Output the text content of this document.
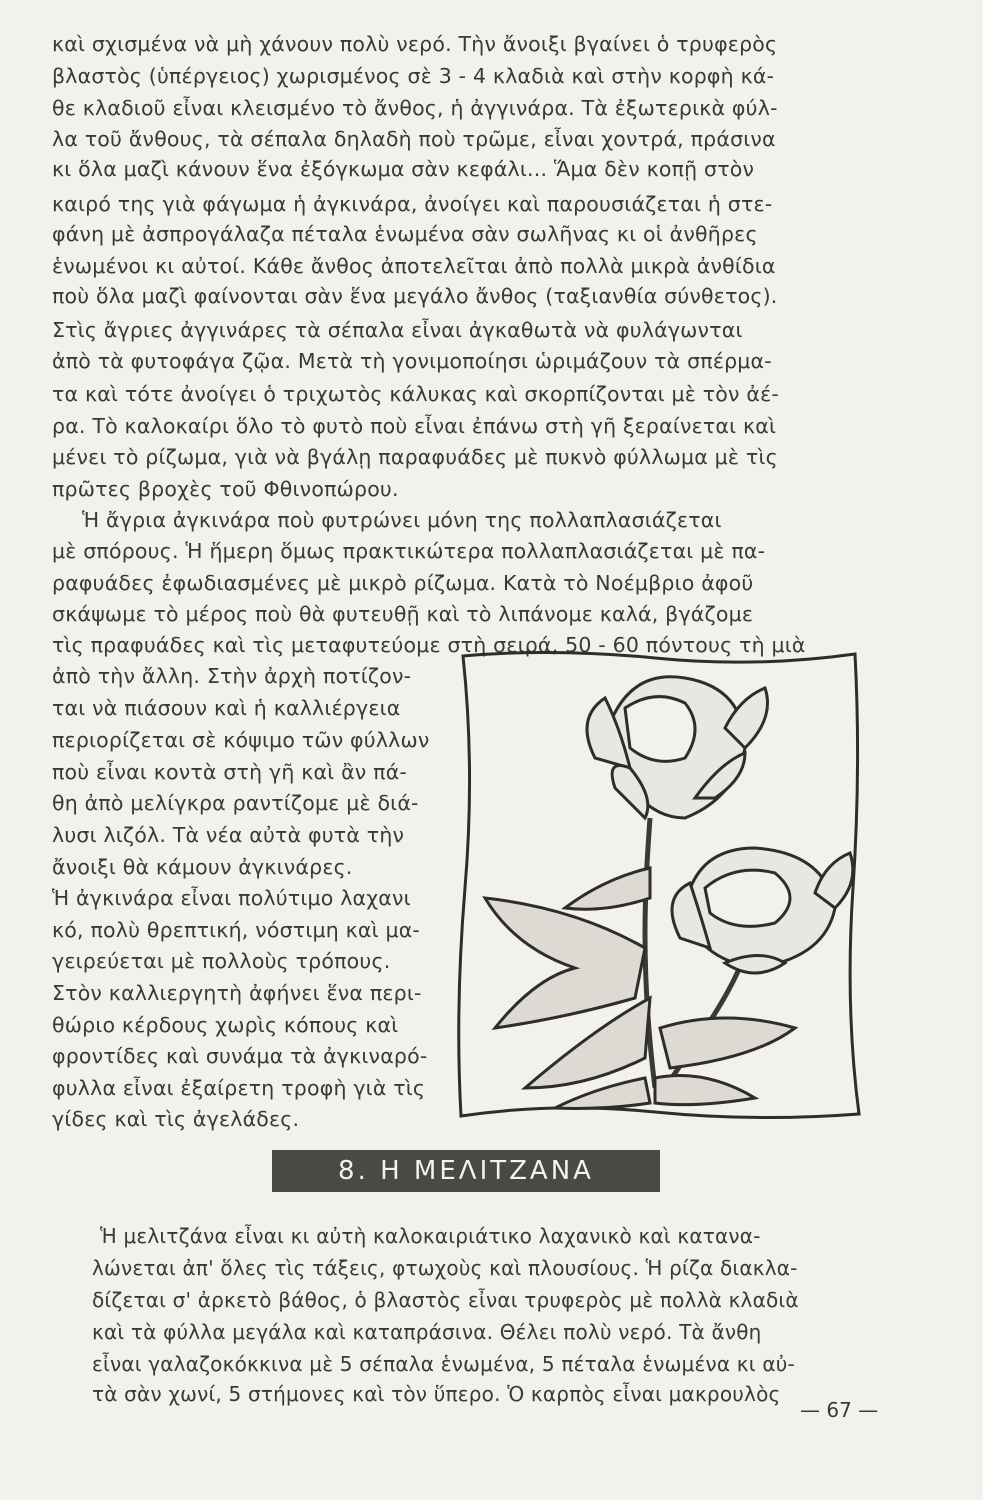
καὶ σχισμένα νὰ μὴ χάνουν πολὺ νερό. Τὴν ἄνοιξι βγαίνει ὁ τρυφερὸς
βλαστὸς (ὑπέργειος) χωρισμένος σὲ 3 - 4 κλαδιὰ καὶ στὴν κορφὴ κά-
θε κλαδιοῦ εἶναι κλεισμένο τὸ ἄνθος, ἡ ἀγγινάρα. Τὰ ἐξωτερικὰ φύλ-
λα τοῦ ἄνθους, τὰ σέπαλα δηλαδὴ ποὺ τρῶμε, εἶναι χοντρά, πράσινα
κι ὅλα μαζὶ κάνουν ἕνα ἐξόγκωμα σὰν κεφάλι... Ἅμα δὲν κοπῇ στὸν
καιρό της γιὰ φάγωμα ἡ ἀγκινάρα, ἀνοίγει καὶ παρουσιάζεται ἡ στε-
φάνη μὲ ἀσπρογάλαζα πέταλα ἑνωμένα σὰν σωλῆνας κι οἱ ἀνθῆρες
ἑνωμένοι κι αὐτοί. Κάθε ἄνθος ἀποτελεῖται ἀπὸ πολλὰ μικρὰ ἀνθίδια
ποὺ ὅλα μαζὶ φαίνονται σὰν ἕνα μεγάλο ἄνθος (ταξιανθία σύνθετος).
Στὶς ἄγριες ἀγγινάρες τὰ σέπαλα εἶναι ἀγκαθωτὰ νὰ φυλάγωνται
ἀπὸ τὰ φυτοφάγα ζῷα. Μετὰ τὴ γονιμοποίησι ὡριμάζουν τὰ σπέρμα-
τα καὶ τότε ἀνοίγει ὁ τριχωτὸς κάλυκας καὶ σκορπίζονται μὲ τὸν ἀέ-
ρα. Τὸ καλοκαίρι ὅλο τὸ φυτὸ ποὺ εἶναι ἐπάνω στὴ γῆ ξεραίνεται καὶ
μένει τὸ ρίζωμα, γιὰ νὰ βγάλῃ παραφυάδες μὲ πυκνὸ φύλλωμα μὲ τὶς
πρῶτες βροχὲς τοῦ Φθινοπώρου.
Ἡ ἄγρια ἀγκινάρα ποὺ φυτρώνει μόνη της πολλαπλασιάζεται
μὲ σπόρους. Ἡ ἥμερη ὅμως πρακτικώτερα πολλαπλασιάζεται μὲ πα-
ραφυάδες ἐφωδιασμένες μὲ μικρὸ ρίζωμα. Κατὰ τὸ Νοέμβριο ἀφοῦ
σκάψωμε τὸ μέρος ποὺ θὰ φυτευθῇ καὶ τὸ λιπάνομε καλά, βγάζομε
τὶς πραφυάδες καὶ τὶς μεταφυτεύομε στὴ σειρά, 50 - 60 πόντους τὴ μιὰ
ἀπὸ τὴν ἄλλη. Στὴν ἀρχὴ ποτίζον-
ται νὰ πιάσουν καὶ ἡ καλλιέργεια
περιορίζεται σὲ κόψιμο τῶν φύλλων
ποὺ εἶναι κοντὰ στὴ γῆ καὶ ἂν πά-
θη ἀπὸ μελίγκρα ραντίζομε μὲ διά-
λυσι λιζόλ. Τὰ νέα αὐτὰ φυτὰ τὴν
ἄνοιξι θὰ κάμουν ἀγκινάρες.
Ἡ ἀγκινάρα εἶναι πολύτιμο λαχανι
κό, πολὺ θρεπτική, νόστιμη καὶ μα-
γειρεύεται μὲ πολλοὺς τρόπους.
Στὸν καλλιεργητὴ ἀφήνει ἕνα περι-
θώριο κέρδους χωρὶς κόπους καὶ
φροντίδες καὶ συνάμα τὰ ἀγκιναρό-
φυλλα εἶναι ἐξαίρετη τροφὴ γιὰ τὶς
γίδες καὶ τὶς ἀγελάδες.
8. Η ΜΕΛΙΤΖΑΝΑ
Ἡ μελιτζάνα εἶναι κι αὐτὴ καλοκαιριάτικο λαχανικὸ καὶ κατανα-
λώνεται ἀπ' ὅλες τὶς τάξεις, φτωχοὺς καὶ πλουσίους. Ἡ ρίζα διακλα-
δίζεται σ' ἀρκετὸ βάθος, ὁ βλαστὸς εἶναι τρυφερὸς μὲ πολλὰ κλαδιὰ
καὶ τὰ φύλλα μεγάλα καὶ καταπράσινα. Θέλει πολὺ νερό. Τὰ ἄνθη
εἶναι γαλαζοκόκκινα μὲ 5 σέπαλα ἑνωμένα, 5 πέταλα ἑνωμένα κι αὐ-
τὰ σὰν χωνί, 5 στήμονες καὶ τὸν ὕπερο. Ὁ καρπὸς εἶναι μακρουλὸς
— 67 —
